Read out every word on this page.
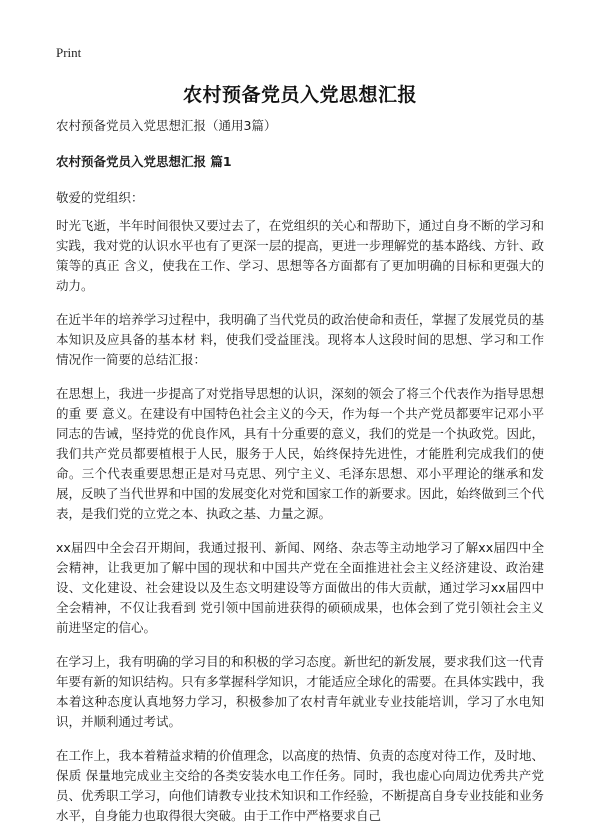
Print
农村预备党员入党思想汇报
农村预备党员入党思想汇报（通用3篇）
农村预备党员入党思想汇报 篇1
敬爱的党组织：

时光飞逝，半年时间很快又要过去了，在党组织的关心和帮助下，通过自身不断的学习和实践，我对党的认识水平也有了更深一层的提高，更进一步理解党的基本路线、方针、政策等的真正 含义，使我在工作、学习、思想等各方面都有了更加明确的目标和更强大的动力。

在近半年的培养学习过程中，我明确了当代党员的政治使命和责任，掌握了发展党员的基本知识及应具备的基本材 料，使我们受益匪浅。现将本人这段时间的思想、学习和工作情况作一简要的总结汇报：

在思想上，我进一步提高了对党指导思想的认识，深刻的领会了将三个代表作为指导思想的重 要 意义。在建设有中国特色社会主义的今天，作为每一个共产党员都要牢记邓小平同志的告诫，坚持党的优良作风，具有十分重要的意义，我们的党是一个执政党。因此，我们共产党员都要植根于人民，服务于人民，始终保持先进性，才能胜利完成我们的使命。三个代表重要思想正是对马克思、列宁主义、毛泽东思想、邓小平理论的继承和发展，反映了当代世界和中国的发展变化对党和国家工作的新要求。因此，始终做到三个代表，是我们党的立党之本、执政之基、力量之源。

xx届四中全会召开期间，我通过报刊、新闻、网络、杂志等主动地学习了解xx届四中全会精神，让我更加了解中国的现状和中国共产党在全面推进社会主义经济建设、政治建设、文化建设、社会建设以及生态文明建设等方面做出的伟大贡献，通过学习xx届四中全会精神，不仅让我看到 党引领中国前进获得的硕硕成果，也体会到了党引领社会主义前进坚定的信心。

在学习上，我有明确的学习目的和积极的学习态度。新世纪的新发展，要求我们这一代青年要有新的知识结构。只有多掌握科学知识，才能适应全球化的需要。在具体实践中，我本着这种态度认真地努力学习，积极参加了农村青年就业专业技能培训，学习了水电知识，并顺利通过考试。

在工作上，我本着精益求精的价值理念，以高度的热情、负责的态度对待工作，及时地、保质 保量地完成业主交给的各类安装水电工作任务。同时，我也虚心向周边优秀共产党员、优秀职工学习，向他们请教专业技术知识和工作经验，不断提高自身专业技能和业务水平，自身能力也取得很大突破。由于工作中严格要求自己
